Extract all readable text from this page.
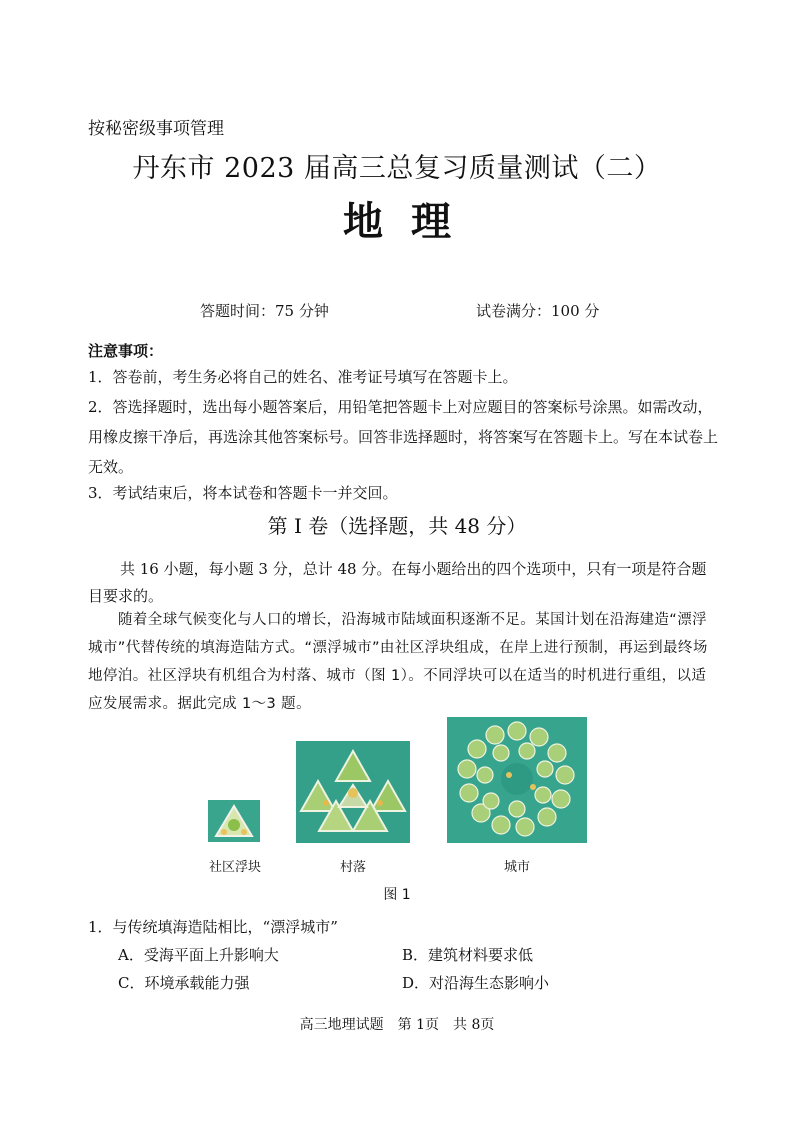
按秘密级事项管理
丹东市 2023 届高三总复习质量测试（二）
地理
答题时间：75 分钟	试卷满分：100 分
注意事项：
1．答卷前，考生务必将自己的姓名、准考证号填写在答题卡上。
2．答选择题时，选出每小题答案后，用铅笔把答题卡上对应题目的答案标号涂黑。如需改动，用橡皮擦干净后，再选涂其他答案标号。回答非选择题时，将答案写在答题卡上。写在本试卷上无效。
3．考试结束后，将本试卷和答题卡一并交回。
第 I 卷（选择题，共 48 分）
共 16 小题，每小题 3 分，总计 48 分。在每小题给出的四个选项中，只有一项是符合题目要求的。
随着全球气候变化与人口的增长，沿海城市陆域面积逐渐不足。某国计划在沿海建造“漂浮城市”代替传统的填海造陆方式。“漂浮城市”由社区浮块组成，在岸上进行预制，再运到最终场地停泊。社区浮块有机组合为村落、城市（图 1）。不同浮块可以在适当的时机进行重组，以适应发展需求。据此完成 1～3 题。
社区浮块	村落	城市
图 1
1．与传统填海造陆相比，“漂浮城市”
A．受海平面上升影响大	B．建筑材料要求低
C．环境承载能力强	D．对沿海生态影响小
高三地理试题　第 1页　共 8页
